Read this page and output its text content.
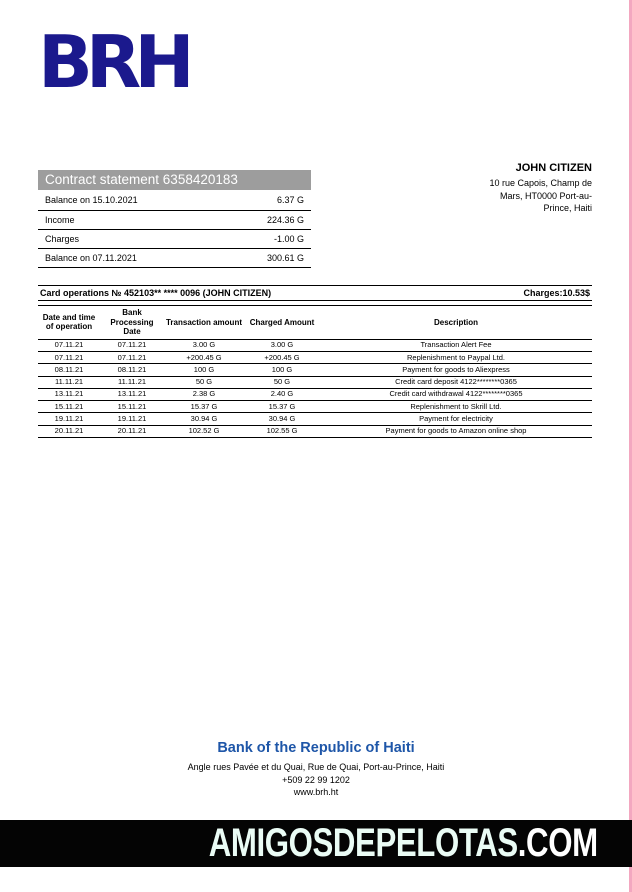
BRH
JOHN CITIZEN
10 rue Capois, Champ de
Mars, HT0000 Port-au-
Prince, Haiti
Contract statement 6358420183
Balance on 15.10.2021	6.37 G
Income	224.36 G
Charges	-1.00 G
Balance on 07.11.2021	300.61 G
Card operations № 452103** **** 0096 (JOHN CITIZEN)	Charges:10.53$
Date and time of operation	Bank Processing Date	Transaction amount	Charged Amount	Description
07.11.21	07.11.21	3.00 G	3.00 G	Transaction Alert Fee
07.11.21	07.11.21	+200.45 G	+200.45 G	Replenishment to Paypal Ltd.
08.11.21	08.11.21	100 G	100 G	Payment for goods to Aliexpress
11.11.21	11.11.21	50 G	50 G	Credit card deposit 4122********0365
13.11.21	13.11.21	2.38 G	2.40 G	Credit card withdrawal 4122********0365
15.11.21	15.11.21	15.37 G	15.37 G	Replenishment to Skrill Ltd.
19.11.21	19.11.21	30.94 G	30.94 G	Payment for electricity
20.11.21	20.11.21	102.52 G	102.55 G	Payment for goods to Amazon online shop
Bank of the Republic of Haiti
Angle rues Pavée et du Quai, Rue de Quai, Port-au-Prince, Haiti
+509 22 99 1202
www.brh.ht
AMIGOSDEPELOTAS.COM
